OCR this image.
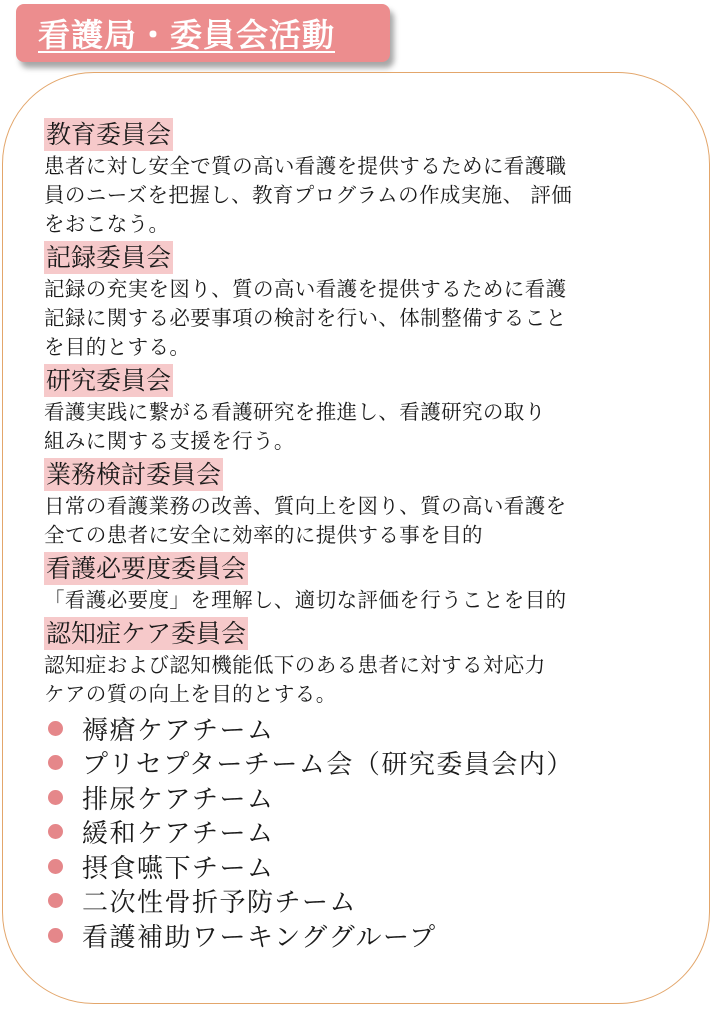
看護局・委員会活動
教育委員会
患者に対し安全で質の高い看護を提供するために看護職
員のニーズを把握し、教育プログラムの作成実施、 評価
をおこなう。
記録委員会
記録の充実を図り、質の高い看護を提供するために看護
記録に関する必要事項の検討を行い、体制整備すること
を目的とする。
研究委員会
看護実践に繋がる看護研究を推進し、看護研究の取り
組みに関する支援を行う。
業務検討委員会
日常の看護業務の改善、質向上を図り、質の高い看護を
全ての患者に安全に効率的に提供する事を目的
看護必要度委員会
「看護必要度」を理解し、適切な評価を行うことを目的
認知症ケア委員会
認知症および認知機能低下のある患者に対する対応力
ケアの質の向上を目的とする。
褥瘡ケアチーム
プリセプターチーム会（研究委員会内）
排尿ケアチーム
緩和ケアチーム
摂食嚥下チーム
二次性骨折予防チーム
看護補助ワーキンググループ
